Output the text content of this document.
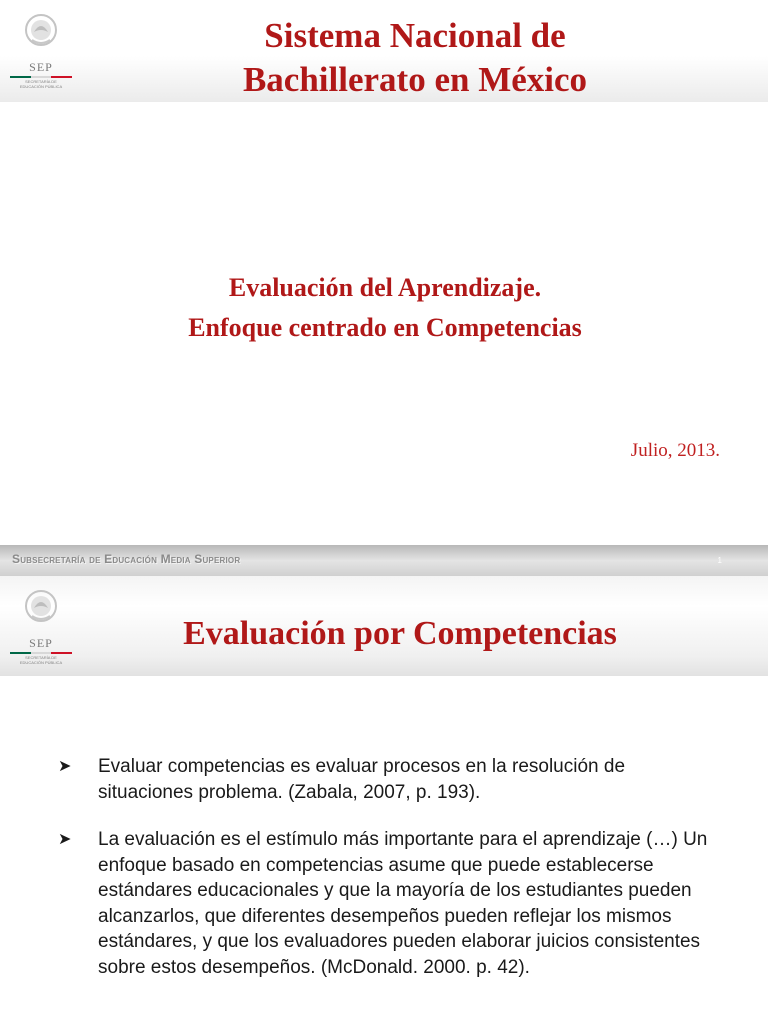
SEP
SECRETARÍA DE
EDUCACIÓN PÚBLICA
Sistema Nacional de
Bachillerato en México
Evaluación del Aprendizaje.
Enfoque centrado en Competencias
Julio, 2013.
Subsecretaría de Educación Media Superior	1
SEP
SECRETARÍA DE
EDUCACIÓN PÚBLICA
Evaluación por Competencias
➤ Evaluar competencias es evaluar procesos en la resolución de situaciones problema. (Zabala, 2007, p. 193).
➤ La evaluación es el estímulo más importante para el aprendizaje (…) Un enfoque basado en competencias asume que puede establecerse estándares educacionales y que la mayoría de los estudiantes pueden alcanzarlos, que diferentes desempeños pueden reflejar los mismos estándares, y que los evaluadores pueden elaborar juicios consistentes sobre estos desempeños. (McDonald. 2000. p. 42).
